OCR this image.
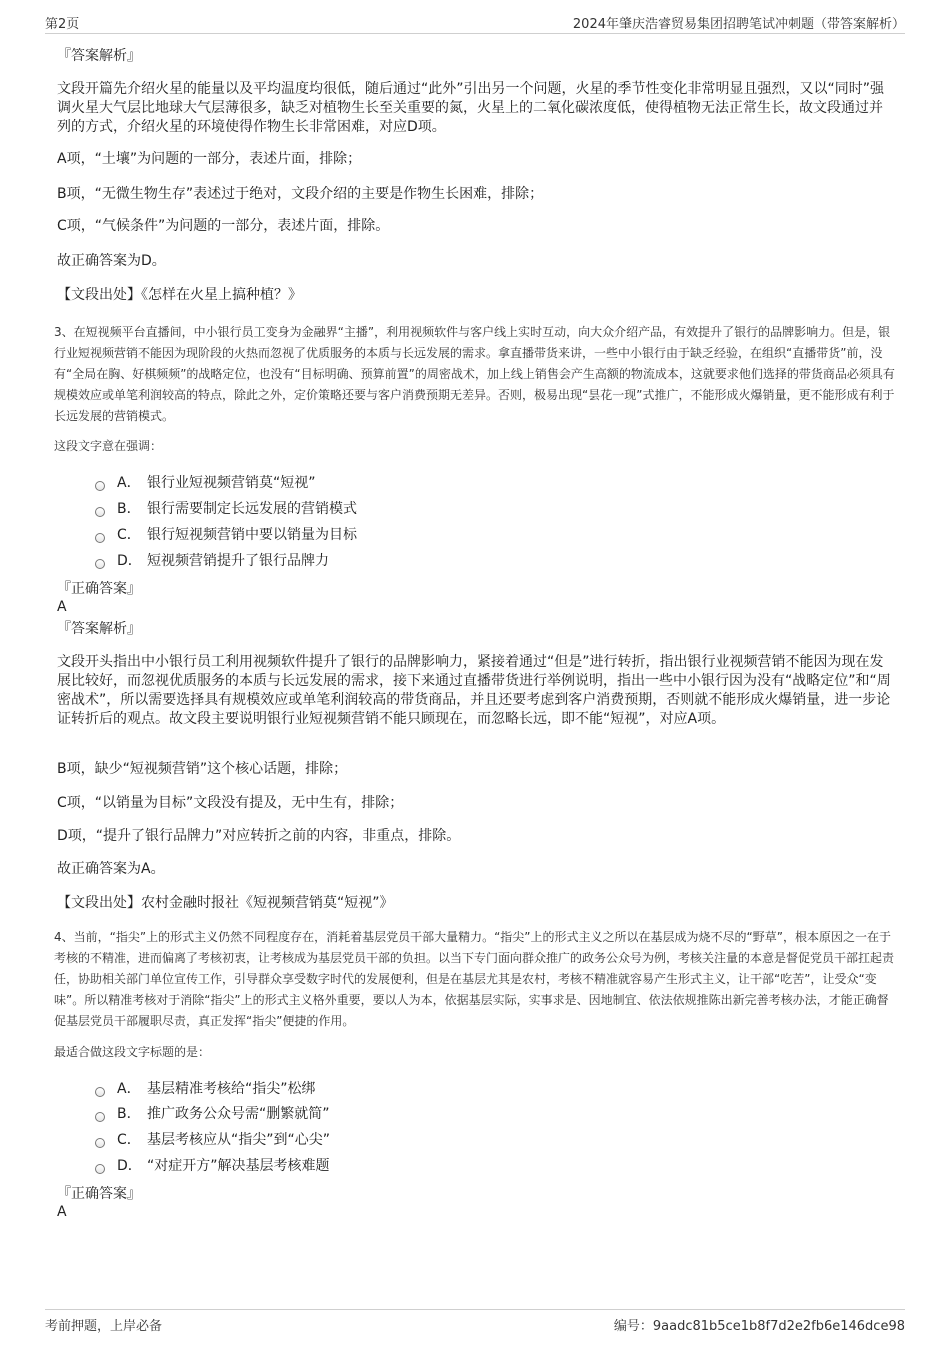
第2页	2024年肇庆浩睿贸易集团招聘笔试冲刺题（带答案解析）
『答案解析』
文段开篇先介绍火星的能量以及平均温度均很低，随后通过“此外”引出另一个问题，火星的季节性变化非常明显且强烈，又以“同时”强调火星大气层比地球大气层薄很多，缺乏对植物生长至关重要的氮，火星上的二氧化碳浓度低，使得植物无法正常生长，故文段通过并列的方式，介绍火星的环境使得作物生长非常困难，对应D项。
A项，“土壤”为问题的一部分，表述片面，排除；
B项，“无微生物生存”表述过于绝对，文段介绍的主要是作物生长困难，排除；
C项，“气候条件”为问题的一部分，表述片面，排除。
故正确答案为D。
【文段出处】《怎样在火星上搞种植？》
3、在短视频平台直播间，中小银行员工变身为金融界“主播”，利用视频软件与客户线上实时互动，向大众介绍产品，有效提升了银行的品牌影响力。但是，银行业短视频营销不能因为现阶段的火热而忽视了优质服务的本质与长远发展的需求。拿直播带货来讲，一些中小银行由于缺乏经验，在组织“直播带货”前，没有“全局在胸、好棋频频”的战略定位，也没有“目标明确、预算前置”的周密战术，加上线上销售会产生高额的物流成本，这就要求他们选择的带货商品必须具有规模效应或单笔利润较高的特点，除此之外，定价策略还要与客户消费预期无差异。否则，极易出现“昙花一现”式推广，不能形成火爆销量，更不能形成有利于长远发展的营销模式。
这段文字意在强调：
A． 银行业短视频营销莫“短视”
B． 银行需要制定长远发展的营销模式
C． 银行短视频营销中要以销量为目标
D． 短视频营销提升了银行品牌力
『正确答案』
A
『答案解析』
文段开头指出中小银行员工利用视频软件提升了银行的品牌影响力，紧接着通过“但是”进行转折，指出银行业视频营销不能因为现在发展比较好，而忽视优质服务的本质与长远发展的需求，接下来通过直播带货进行举例说明，指出一些中小银行因为没有“战略定位”和“周密战术”，所以需要选择具有规模效应或单笔利润较高的带货商品，并且还要考虑到客户消费预期，否则就不能形成火爆销量，进一步论证转折后的观点。故文段主要说明银行业短视频营销不能只顾现在，而忽略长远，即不能“短视”，对应A项。
B项，缺少“短视频营销”这个核心话题，排除；
C项，“以销量为目标”文段没有提及，无中生有，排除；
D项，“提升了银行品牌力”对应转折之前的内容，非重点，排除。
故正确答案为A。
【文段出处】农村金融时报社《短视频营销莫“短视”》
4、当前，“指尖”上的形式主义仍然不同程度存在，消耗着基层党员干部大量精力。“指尖”上的形式主义之所以在基层成为烧不尽的“野草”，根本原因之一在于考核的不精准，进而偏离了考核初衷，让考核成为基层党员干部的负担。以当下专门面向群众推广的政务公众号为例，考核关注量的本意是督促党员干部扛起责任，协助相关部门单位宣传工作，引导群众享受数字时代的发展便利，但是在基层尤其是农村，考核不精准就容易产生形式主义，让干部“吃苦”，让受众“变味”。所以精准考核对于消除“指尖”上的形式主义格外重要，要以人为本，依据基层实际，实事求是、因地制宜、依法依规推陈出新完善考核办法，才能正确督促基层党员干部履职尽责，真正发挥“指尖”便捷的作用。
最适合做这段文字标题的是：
A． 基层精准考核给“指尖”松绑
B． 推广政务公众号需“删繁就简”
C． 基层考核应从“指尖”到“心尖”
D． “对症开方”解决基层考核难题
『正确答案』
A
考前押题，上岸必备	编号：9aadc81b5ce1b8f7d2e2fb6e146dce98
